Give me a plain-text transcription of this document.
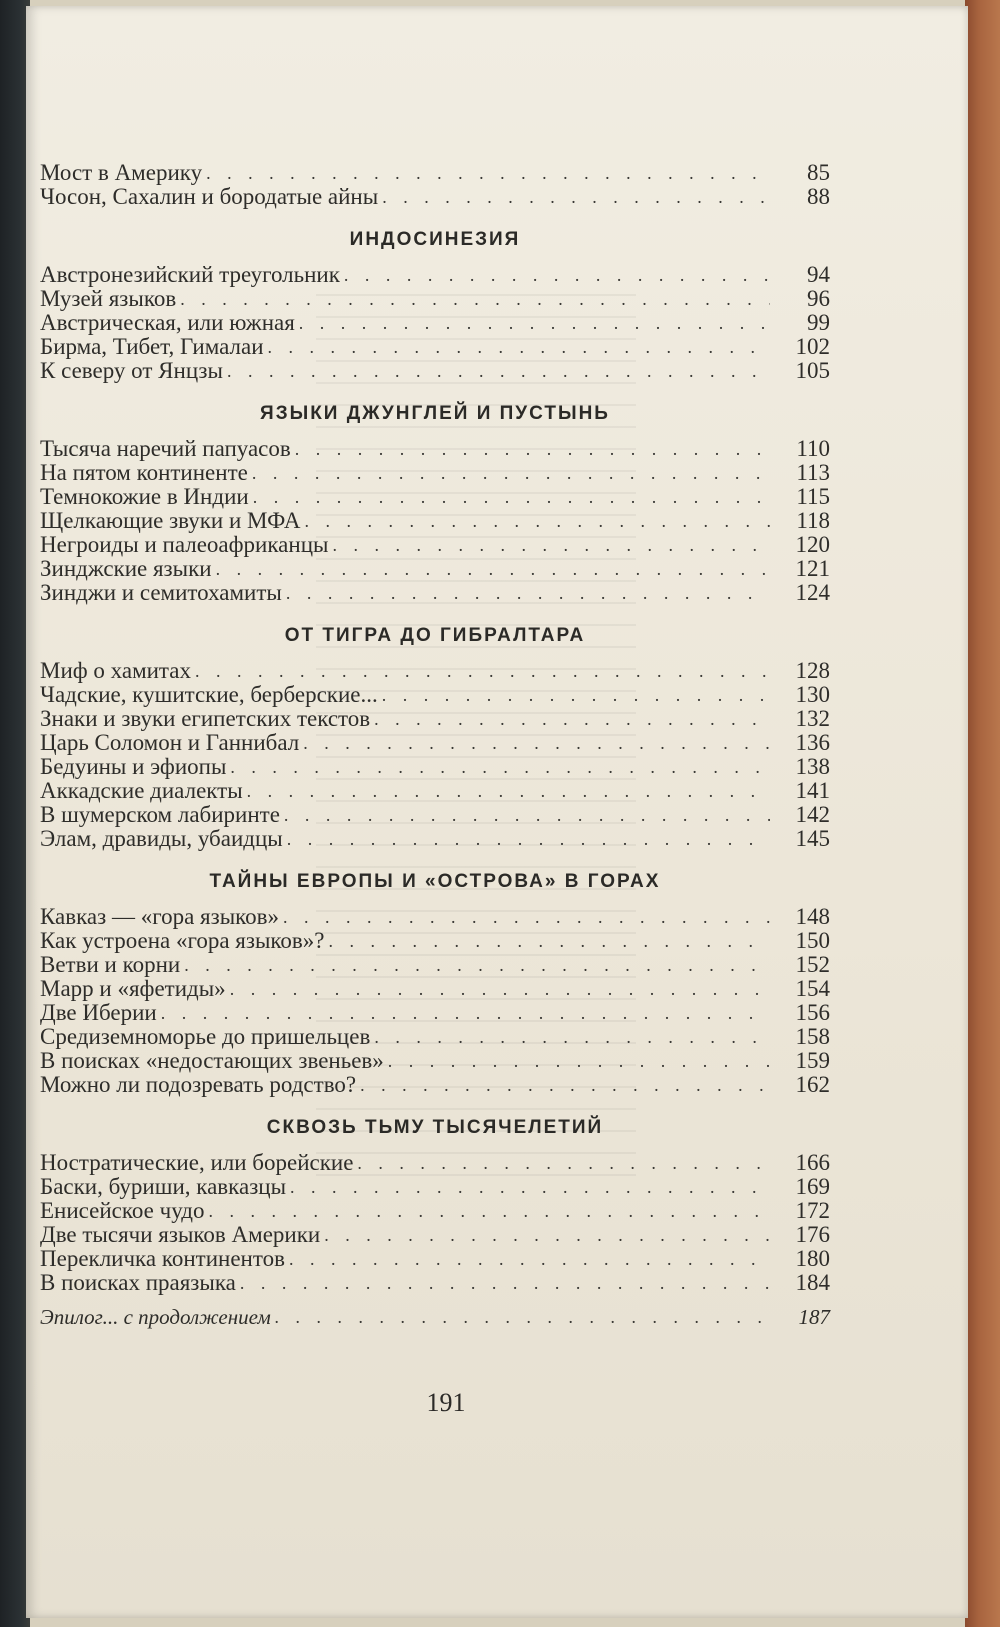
Мост в Америку . . .	85
Чосон, Сахалин и бородатые айны . . .	88
ИНДОСИНЕЗИЯ
Австронезийский треугольник . . .	94
Музей языков . . .	96
Австрическая, или южная . . .	99
Бирма, Тибет, Гималаи . . .	102
К северу от Янцзы . . .	105
ЯЗЫКИ ДЖУНГЛЕЙ И ПУСТЫНЬ
Тысяча наречий папуасов . . .	110
На пятом континенте . . .	113
Темнокожие в Индии . . .	115
Щелкающие звуки и МФА . . .	118
Негроиды и палеоафриканцы . . .	120
Зинджские языки . . .	121
Зинджи и семитохамиты . . .	124
ОТ ТИГРА ДО ГИБРАЛТАРА
Миф о хамитах . . .	128
Чадские, кушитские, берберские... . . .	130
Знаки и звуки египетских текстов . . .	132
Царь Соломон и Ганнибал . . .	136
Бедуины и эфиопы . . .	138
Аккадские диалекты . . .	141
В шумерском лабиринте . . .	142
Элам, дравиды, убаидцы . . .	145
ТАЙНЫ ЕВРОПЫ И «ОСТРОВА» В ГОРАХ
Кавказ — «гора языков» . . .	148
Как устроена «гора языков»? . . .	150
Ветви и корни . . .	152
Марр и «яфетиды» . . .	154
Две Иберии . . .	156
Средиземноморье до пришельцев . . .	158
В поисках «недостающих звеньев» . . .	159
Можно ли подозревать родство? . . .	162
СКВОЗЬ ТЬМУ ТЫСЯЧЕЛЕТИЙ
Ностратические, или борейские . . .	166
Баски, буриши, кавказцы . . .	169
Енисейское чудо . . .	172
Две тысячи языков Америки . . .	176
Перекличка континентов . . .	180
В поисках праязыка . . .	184
Эпилог... с продолжением . . .	187
191
